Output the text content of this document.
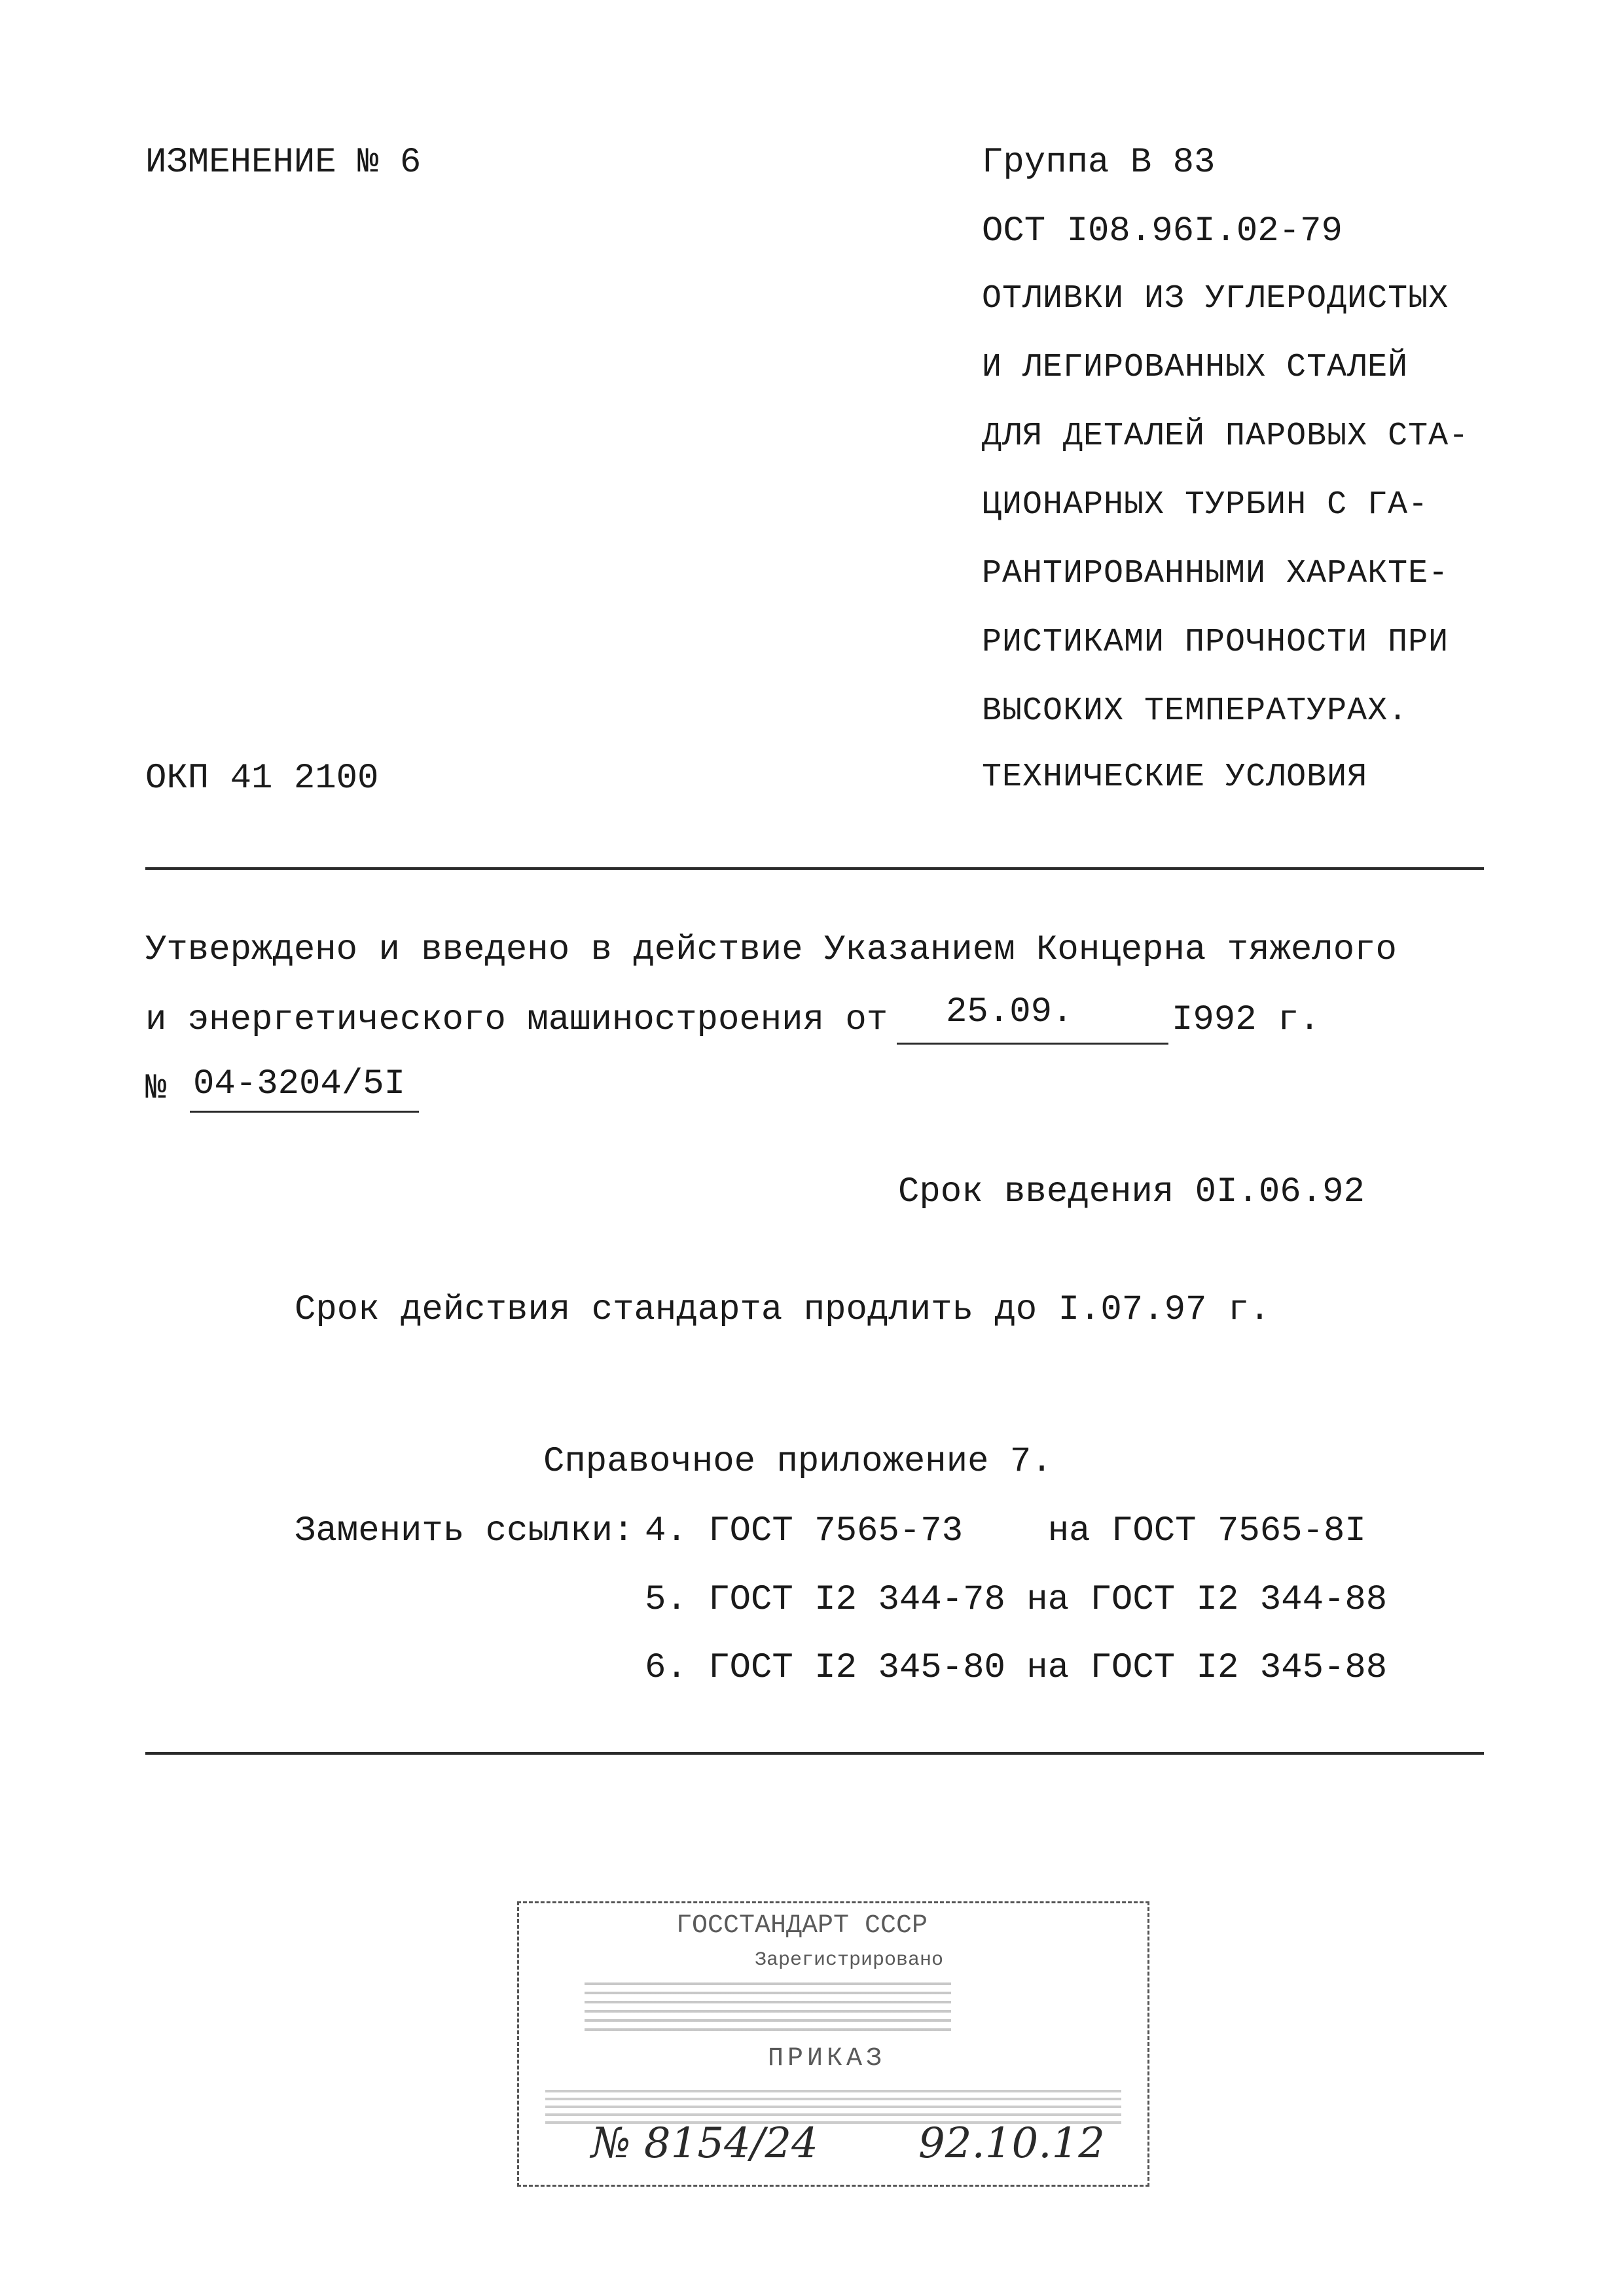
ИЗМЕНЕНИЕ № 6
ОКП 41 2100
Группа В 83
ОСТ I08.96I.02-79
ОТЛИВКИ ИЗ УГЛЕРОДИСТЫХ
И ЛЕГИРОВАННЫХ СТАЛЕЙ
ДЛЯ ДЕТАЛЕЙ ПАРОВЫХ СТА-
ЦИОНАРНЫХ ТУРБИН С ГА-
РАНТИРОВАННЫМИ ХАРАКТЕ-
РИСТИКАМИ ПРОЧНОСТИ ПРИ
ВЫСОКИХ ТЕМПЕРАТУРАХ.
ТЕХНИЧЕСКИЕ УСЛОВИЯ
Утверждено и введено в действие Указанием Концерна тяжелого
и энергетического машиностроения от 25.09.	I992 г.
№ 04-3204/5I
Срок введения 0I.06.92
Срок действия стандарта продлить до I.07.97 г.
Справочное приложение 7.
Заменить ссылки: 4. ГОСТ 7565-73    на ГОСТ 7565-8I
5. ГОСТ I2 344-78 на ГОСТ I2 344-88
6. ГОСТ I2 345-80 на ГОСТ I2 345-88
ГОССТАНДАРТ СССР
Зарегистрировано
ПРИКАЗ
№ 8154/24 92.10.12
